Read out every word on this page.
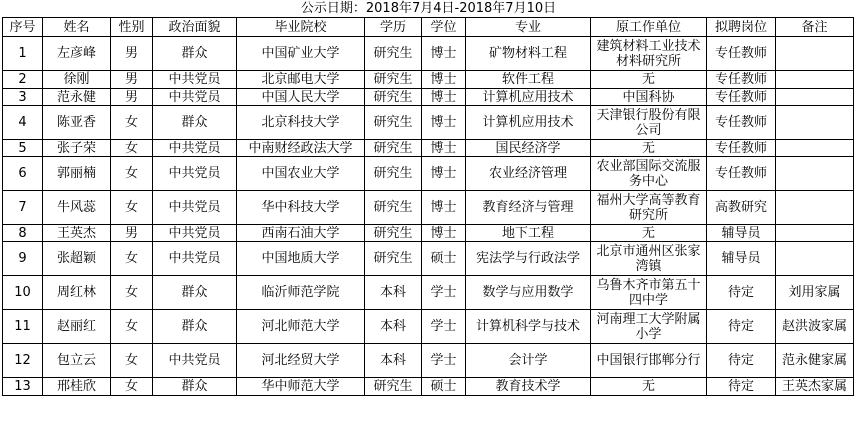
公示日期：2018年7月4日-2018年7月10日
序号	姓名	性别	政治面貌	毕业院校	学历	学位	专业	原工作单位	拟聘岗位	备注
1	左彦峰	男	群众	中国矿业大学	研究生	博士	矿物材料工程	建筑材料工业技术材料研究所	专任教师	
2	徐刚	男	中共党员	北京邮电大学	研究生	博士	软件工程	无	专任教师	
3	范永健	男	中共党员	中国人民大学	研究生	博士	计算机应用技术	中国科协	专任教师	
4	陈亚香	女	群众	北京科技大学	研究生	博士	计算机应用技术	天津银行股份有限公司	专任教师	
5	张子荣	女	中共党员	中南财经政法大学	研究生	博士	国民经济学	无	专任教师	
6	郭丽楠	女	中共党员	中国农业大学	研究生	博士	农业经济管理	农业部国际交流服务中心	专任教师	
7	牛风蕊	女	中共党员	华中科技大学	研究生	博士	教育经济与管理	福州大学高等教育研究所	高教研究	
8	王英杰	男	中共党员	西南石油大学	研究生	博士	地下工程	无	辅导员	
9	张超颖	女	中共党员	中国地质大学	研究生	硕士	宪法学与行政法学	北京市通州区张家湾镇	辅导员	
10	周红林	女	群众	临沂师范学院	本科	学士	数学与应用数学	乌鲁木齐市第五十四中学	待定	刘用家属
11	赵丽红	女	群众	河北师范大学	本科	学士	计算机科学与技术	河南理工大学附属小学	待定	赵洪波家属
12	包立云	女	中共党员	河北经贸大学	本科	学士	会计学	中国银行邯郸分行	待定	范永健家属
13	邢桂欣	女	群众	华中师范大学	研究生	硕士	教育技术学	无	待定	王英杰家属
